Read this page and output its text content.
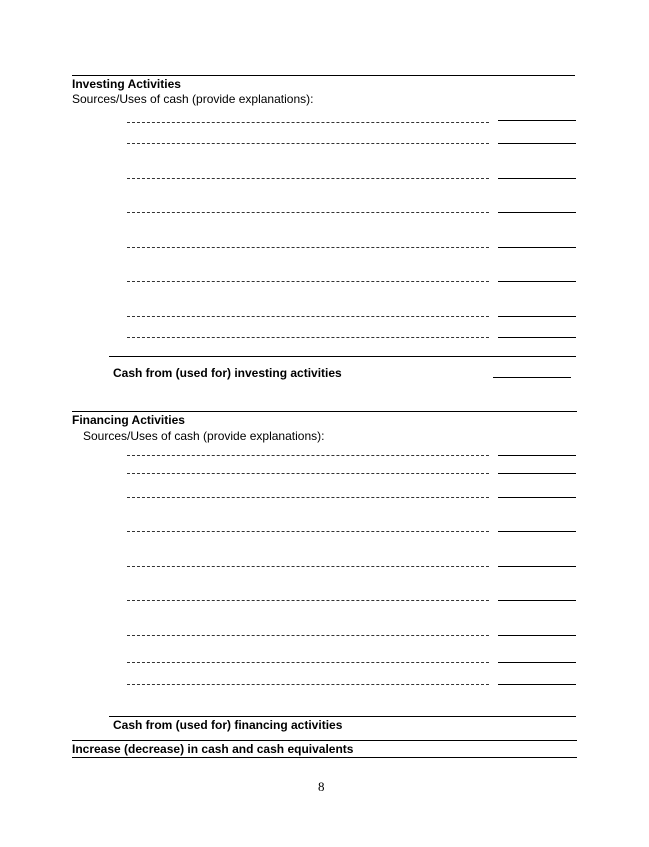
Investing Activities
Sources/Uses of cash (provide explanations):
Cash from (used for) investing activities
Financing Activities
Sources/Uses of cash (provide explanations):
Cash from (used for) financing activities
Increase (decrease) in cash and cash equivalents
8
